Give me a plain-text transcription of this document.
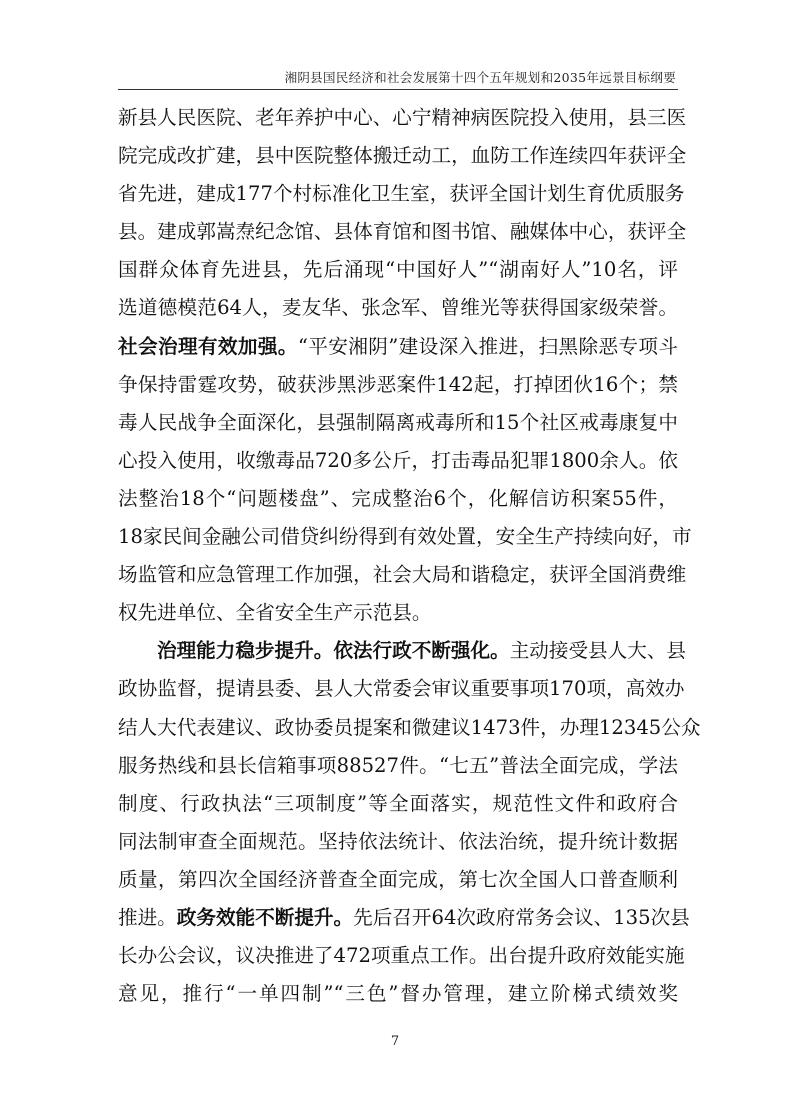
湘阴县国民经济和社会发展第十四个五年规划和2035年远景目标纲要
新县人民医院、老年养护中心、心宁精神病医院投入使用，县三医
院完成改扩建，县中医院整体搬迁动工，血防工作连续四年获评全
省先进，建成177个村标准化卫生室，获评全国计划生育优质服务
县。建成郭嵩焘纪念馆、县体育馆和图书馆、融媒体中心，获评全
国群众体育先进县，先后涌现“中国好人”“湖南好人”10名，评
选道德模范64人，麦友华、张念军、曾维光等获得国家级荣誉。
社会治理有效加强。“平安湘阴”建设深入推进，扫黑除恶专项斗
争保持雷霆攻势，破获涉黑涉恶案件142起，打掉团伙16个；禁
毒人民战争全面深化，县强制隔离戒毒所和15个社区戒毒康复中
心投入使用，收缴毒品720多公斤，打击毒品犯罪1800余人。依
法整治18个“问题楼盘”、完成整治6个，化解信访积案55件，
18家民间金融公司借贷纠纷得到有效处置，安全生产持续向好，市
场监管和应急管理工作加强，社会大局和谐稳定，获评全国消费维
权先进单位、全省安全生产示范县。
治理能力稳步提升。依法行政不断强化。主动接受县人大、县
政协监督，提请县委、县人大常委会审议重要事项170项，高效办
结人大代表建议、政协委员提案和微建议1473件，办理12345公众
服务热线和县长信箱事项88527件。“七五”普法全面完成，学法
制度、行政执法“三项制度”等全面落实，规范性文件和政府合
同法制审查全面规范。坚持依法统计、依法治统，提升统计数据
质量，第四次全国经济普查全面完成，第七次全国人口普查顺利
推进。政务效能不断提升。先后召开64次政府常务会议、135次县
长办公会议，议决推进了472项重点工作。出台提升政府效能实施
意见，推行“一单四制”“三色”督办管理，建立阶梯式绩效奖
7
